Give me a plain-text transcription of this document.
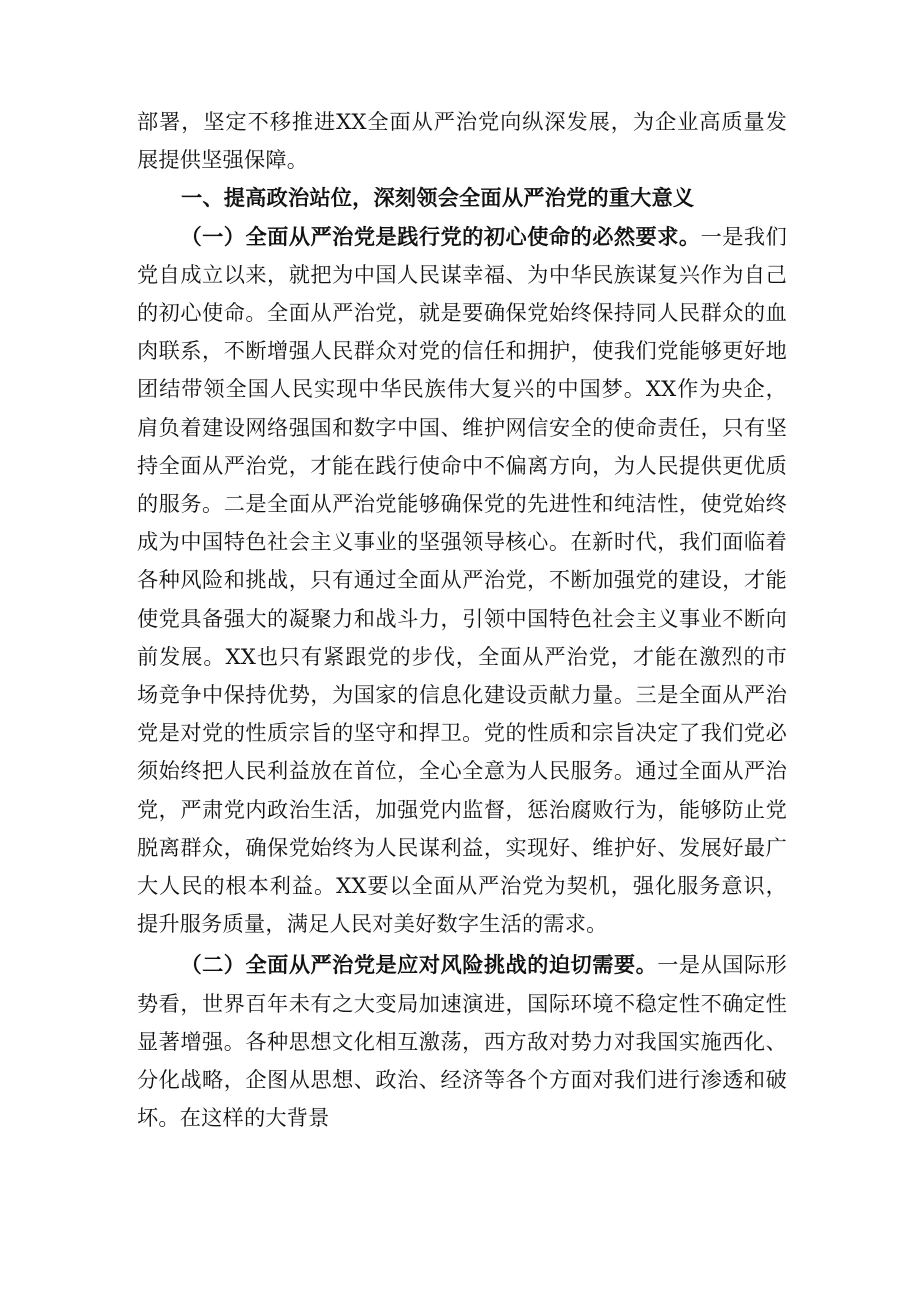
部署，坚定不移推进XX全面从严治党向纵深发展，为企业高质量发展提供坚强保障。

一、提高政治站位，深刻领会全面从严治党的重大意义

（一）全面从严治党是践行党的初心使命的必然要求。一是我们党自成立以来，就把为中国人民谋幸福、为中华民族谋复兴作为自己的初心使命。全面从严治党，就是要确保党始终保持同人民群众的血肉联系，不断增强人民群众对党的信任和拥护，使我们党能够更好地团结带领全国人民实现中华民族伟大复兴的中国梦。XX作为央企，肩负着建设网络强国和数字中国、维护网信安全的使命责任，只有坚持全面从严治党，才能在践行使命中不偏离方向，为人民提供更优质的服务。二是全面从严治党能够确保党的先进性和纯洁性，使党始终成为中国特色社会主义事业的坚强领导核心。在新时代，我们面临着各种风险和挑战，只有通过全面从严治党，不断加强党的建设，才能使党具备强大的凝聚力和战斗力，引领中国特色社会主义事业不断向前发展。XX也只有紧跟党的步伐，全面从严治党，才能在激烈的市场竞争中保持优势，为国家的信息化建设贡献力量。三是全面从严治党是对党的性质宗旨的坚守和捍卫。党的性质和宗旨决定了我们党必须始终把人民利益放在首位，全心全意为人民服务。通过全面从严治党，严肃党内政治生活，加强党内监督，惩治腐败行为，能够防止党脱离群众，确保党始终为人民谋利益，实现好、维护好、发展好最广大人民的根本利益。XX要以全面从严治党为契机，强化服务意识，提升服务质量，满足人民对美好数字生活的需求。

（二）全面从严治党是应对风险挑战的迫切需要。一是从国际形势看，世界百年未有之大变局加速演进，国际环境不稳定性不确定性显著增强。各种思想文化相互激荡，西方敌对势力对我国实施西化、分化战略，企图从思想、政治、经济等各个方面对我们进行渗透和破坏。在这样的大背景
